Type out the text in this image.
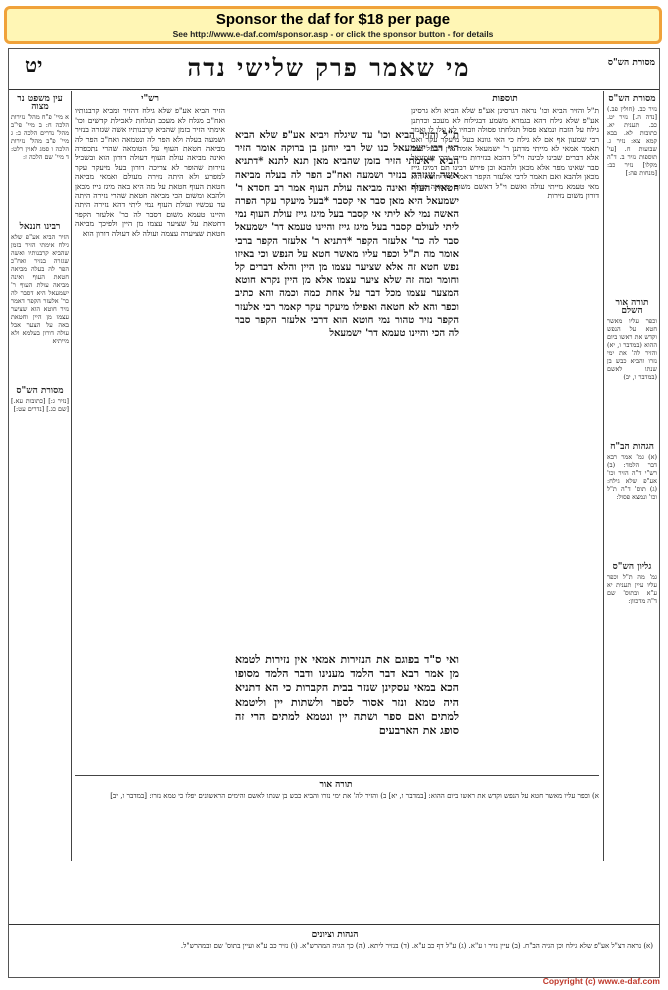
Sponsor the daf for $18 per page
See http://www.e-daf.com/sponsor.asp - or click the sponsor button - for details
מסורת הש"ס
מי שאמר פרק שלישי נדה
יט
מסורת הש"ס
נזיר כב. (חולין פב.) [נדה ה.] נזיר יט. כב. תענית יא. כתובות לא. בבא קמא צא: נזיר ג. שבועות ח. [עי' תוספות נזיר ב. ד"ה מקלו] נזיר כב: [מנחות פה:]
תורה אור השלם
וכפר עליו מאשר חטא על הנפש וקדש את ראשו ביום ההוא (במדבר ו, יא) והזיר לה' את ימי נזרו והביא כבש בן שנתו לאשם (במדבר ו, יב)
הגהות הב"ח
(א) גמ' אמר רבא דבר הלמד: (ב) רש"י ד"ה הזיר וכו' אע"פ שלא גילח: (ג) תוס' ד"ה ת"ל וכו' ונמצא פסול:
גליון הש"ס
גמ' מה ת"ל וכפר עליו עיין תענית יא ע"א ובתוס' שם ד"ה מדכוון:
עין משפט נר מצוה
א מיי' פ"ח מהל' נזירות הלכה ח: ב מיי' פי"ב מהל' נדרים הלכה כ: ג מיי' פ"ב מהל' נזירות הלכה ו סמג לאוין רלט: ד מיי' שם הלכה ז:
רבינו חננאל
הזיר הביא אע"פ שלא גילח אימתי הזיר בזמן שהביא קרבנותיו ואשה שגזרה בנזיר ואח"כ הפר לה בעלה מביאה חטאת העוף ואינה מביאה עולת העוף ר' ישמעאל היא דסבר לה כר' אלעזר הקפר דאמר נזיר חוטא הוא שציער עצמו מן היין וחטאת באה על הצער אבל עולה דורון בעלמא ולא מייתיא
מסורת הש"ס
[נזיר ג:] [כתובות עא.] [שם כג.] [נדרים עט:]
תוספות
ת"ל והזיר הביא וכו' נראה דגרסינן אע"פ שלא הביא ולא גרסינן אע"פ שלא גילח דהא בגמרא משמע דבגילוח לא מעכב וכדתנן גילח על הזבח ונמצא פסול תגלחתו פסולה וזבחיו לא עלו לו ואמר רבי שמעון אף אם לא גילח כי האי גוונא בעל מיעקר עקר ואם תאמר אמאי לא מייתי מדתנן ר' ישמעאל אומר אין הבעל מפר אלא דברים שבינו לבינה וי"ל דהכא בנזירות מיירי ורבי ישמעאל סבר שאינו מפר אלא מכאן ולהבא וכן פירש רבינו תם דמיגז גייז מכאן ולהבא ואם תאמר לרבי אלעזר הקפר דאמר נזיר חוטא הוא מאי טעמא מייתי עולה ואשם וי"ל דאשם משום טומאה ועולה דורון משום נזירות
רש"י
הזיר הביא אע"פ שלא גילח דהזיר ומביא קרבנותיו ואח"כ מגלח לא מעכב תגלחת לאכילת קדשים וכו' אימתי הזיר בזמן שהביא קרבנותיו אשה שגזרה בנזיר ושמעה בעלה ולא הפר לה ונטמאה ואח"כ הפר לה מביאה חטאת העוף על הטומאה שהרי נתכפרה ואינה מביאה עולת העוף דעולה דורון הוא ובשביל נזירות שהופר לא צריכה דורון בעל מיעקר עקר למפרע ולא היתה נזירה מעולם ואמאי מביאה חטאת העוף חטאת על מה היא באה מיגז גייז מכאן ולהבא ומשום הכי מביאה חטאת שהרי נזירה היתה עד עכשיו ועולת העוף נמי ליתי דהא נזירה היתה והיינו טעמא משום דסבר לה כר' אלעזר הקפר דחטאת על שציער עצמו מן היין ולפיכך מביאה חטאת שציערה עצמה ועולה לא דעולה דורון הוא
ת"ל והזיר הביא וכו' עד שיגלח ויביא אע"פ שלא הביא הוי רבי ישמעאל כנו של רבי יוחנן בן ברוקה אומר הזיר הביא *אימתי הזיר בזמן שהביא מאן תנא לתנא *דתניא אשה שגזרה בנזיר ושמעה ואח"כ הפר לה בעלה מביאה חטאת העוף ואינה מביאה עולת העוף אמר רב חסדא ר' ישמעאל היא מאן סבר אי קסבר *בעל מיעקר עקר הפרה האשה נמי לא ליתי אי קסבר בעל מיגז גייז עולת העוף נמי ליתי לעולם קסבר בעל מיגז גייז והיינו טעמא דר' ישמעאל סבר לה כר' אלעזר הקפר *דתניא ר' אלעזר הקפר ברבי אומר מה ת"ל וכפר עליו מאשר חטא על הנפש וכי באיזו נפש חטא זה אלא שציער עצמו מן היין והלא דברים קל וחומר ומה זה שלא ציער עצמו אלא מן היין נקרא חוטא המצער עצמו מכל דבר על אחת כמה וכמה והא כתיב וכפר והא לא חטאה ואפילו מיעקר עקר קאמר רבי אלעזר הקפר נזיר טהור נמי חוטא הוא דרבי אלעזר הקפר סבר לה הכי והיינו טעמא דר' ישמעאל
ואי ס"ד בפוגם את הנזירות אמאי אין נזירות לטמא מן אמר רבא דבר הלמד מענינו ודבר הלמד מסופו הכא במאי עסקינן שנזר בבית הקברות כי הא דתניא היה טמא ונזר אסור לספר ולשתות יין וליטמא למתים ואם ספר ושתה יין ונטמא למתים הרי זה סופג את הארבעים
תורה אור
א) וכפר עליו מאשר חטא על הנפש וקדש את ראשו ביום ההוא: [במדבר ו, יא] ב) והזיר לה' את ימי נזרו והביא כבש בן שנתו לאשם והימים הראשונים יפלו כי טמא נזרו: [במדבר ו, יב]
הגהות וציונים
(א) נראה דצ"ל אע"פ שלא גילח וכן הגיה הב"ח. (ב) עיין נזיר ו ע"א. (ג) ע"ל דף כב ע"א. (ד) בנזיר ליתא. (ה) כך הגיה המהרש"א. (ו) נזיר כב ע"א ועיין בתוס' שם ובמהרש"ל.
Copyright (c) www.e-daf.com
